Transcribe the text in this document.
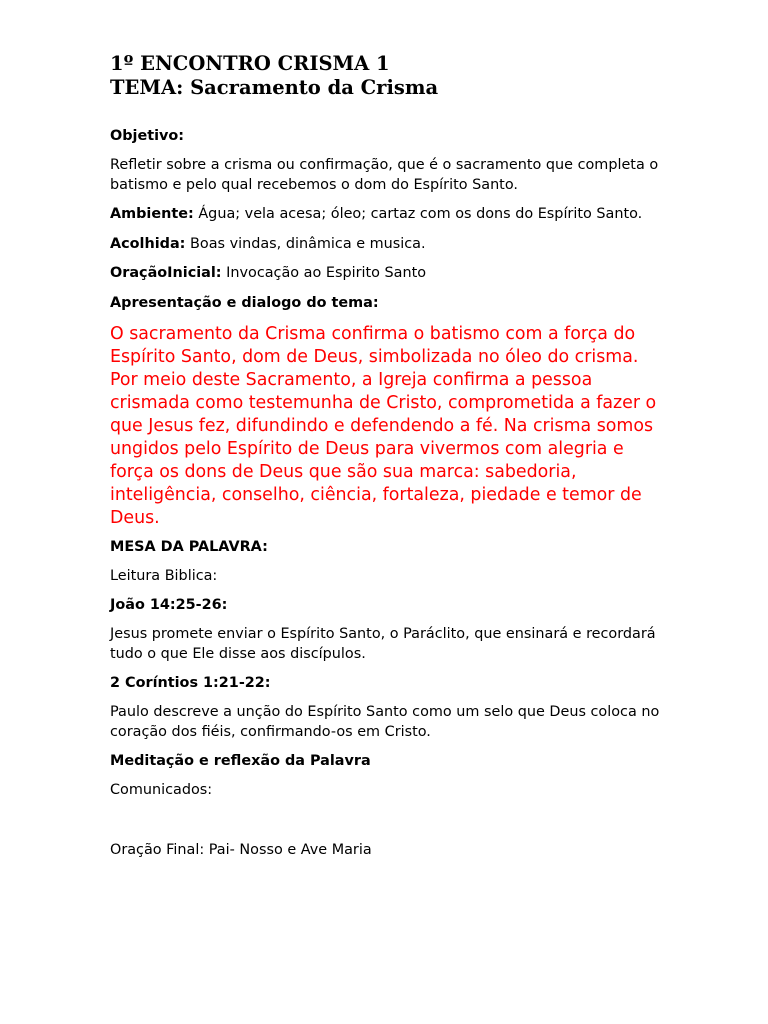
1º ENCONTRO CRISMA 1

TEMA: Sacramento da Crisma

Objetivo:

Refletir sobre a crisma ou confirmação, que é o sacramento que completa o batismo e pelo qual recebemos o dom do Espírito Santo.

Ambiente: Água; vela acesa; óleo; cartaz com os dons do Espírito Santo.

Acolhida: Boas vindas, dinâmica e musica.

OraçãoInicial: Invocação ao Espirito Santo

Apresentação e dialogo do tema:

O sacramento da Crisma confirma o batismo com a força do Espírito Santo, dom de Deus, simbolizada no óleo do crisma. Por meio deste Sacramento, a Igreja confirma a pessoa crismada como testemunha de Cristo, comprometida a fazer o que Jesus fez, difundindo e defendendo a fé. Na crisma somos ungidos pelo Espírito de Deus para vivermos com alegria e força os dons de Deus que são sua marca: sabedoria, inteligência, conselho, ciência, fortaleza, piedade e temor de Deus.

MESA DA PALAVRA:

Leitura Biblica:

João 14:25-26:

Jesus promete enviar o Espírito Santo, o Paráclito, que ensinará e recordará tudo o que Ele disse aos discípulos.

2 Coríntios 1:21-22:

Paulo descreve a unção do Espírito Santo como um selo que Deus coloca no coração dos fiéis, confirmando-os em Cristo.

Meditação e reflexão da Palavra

Comunicados:

Oração Final: Pai- Nosso e Ave Maria
